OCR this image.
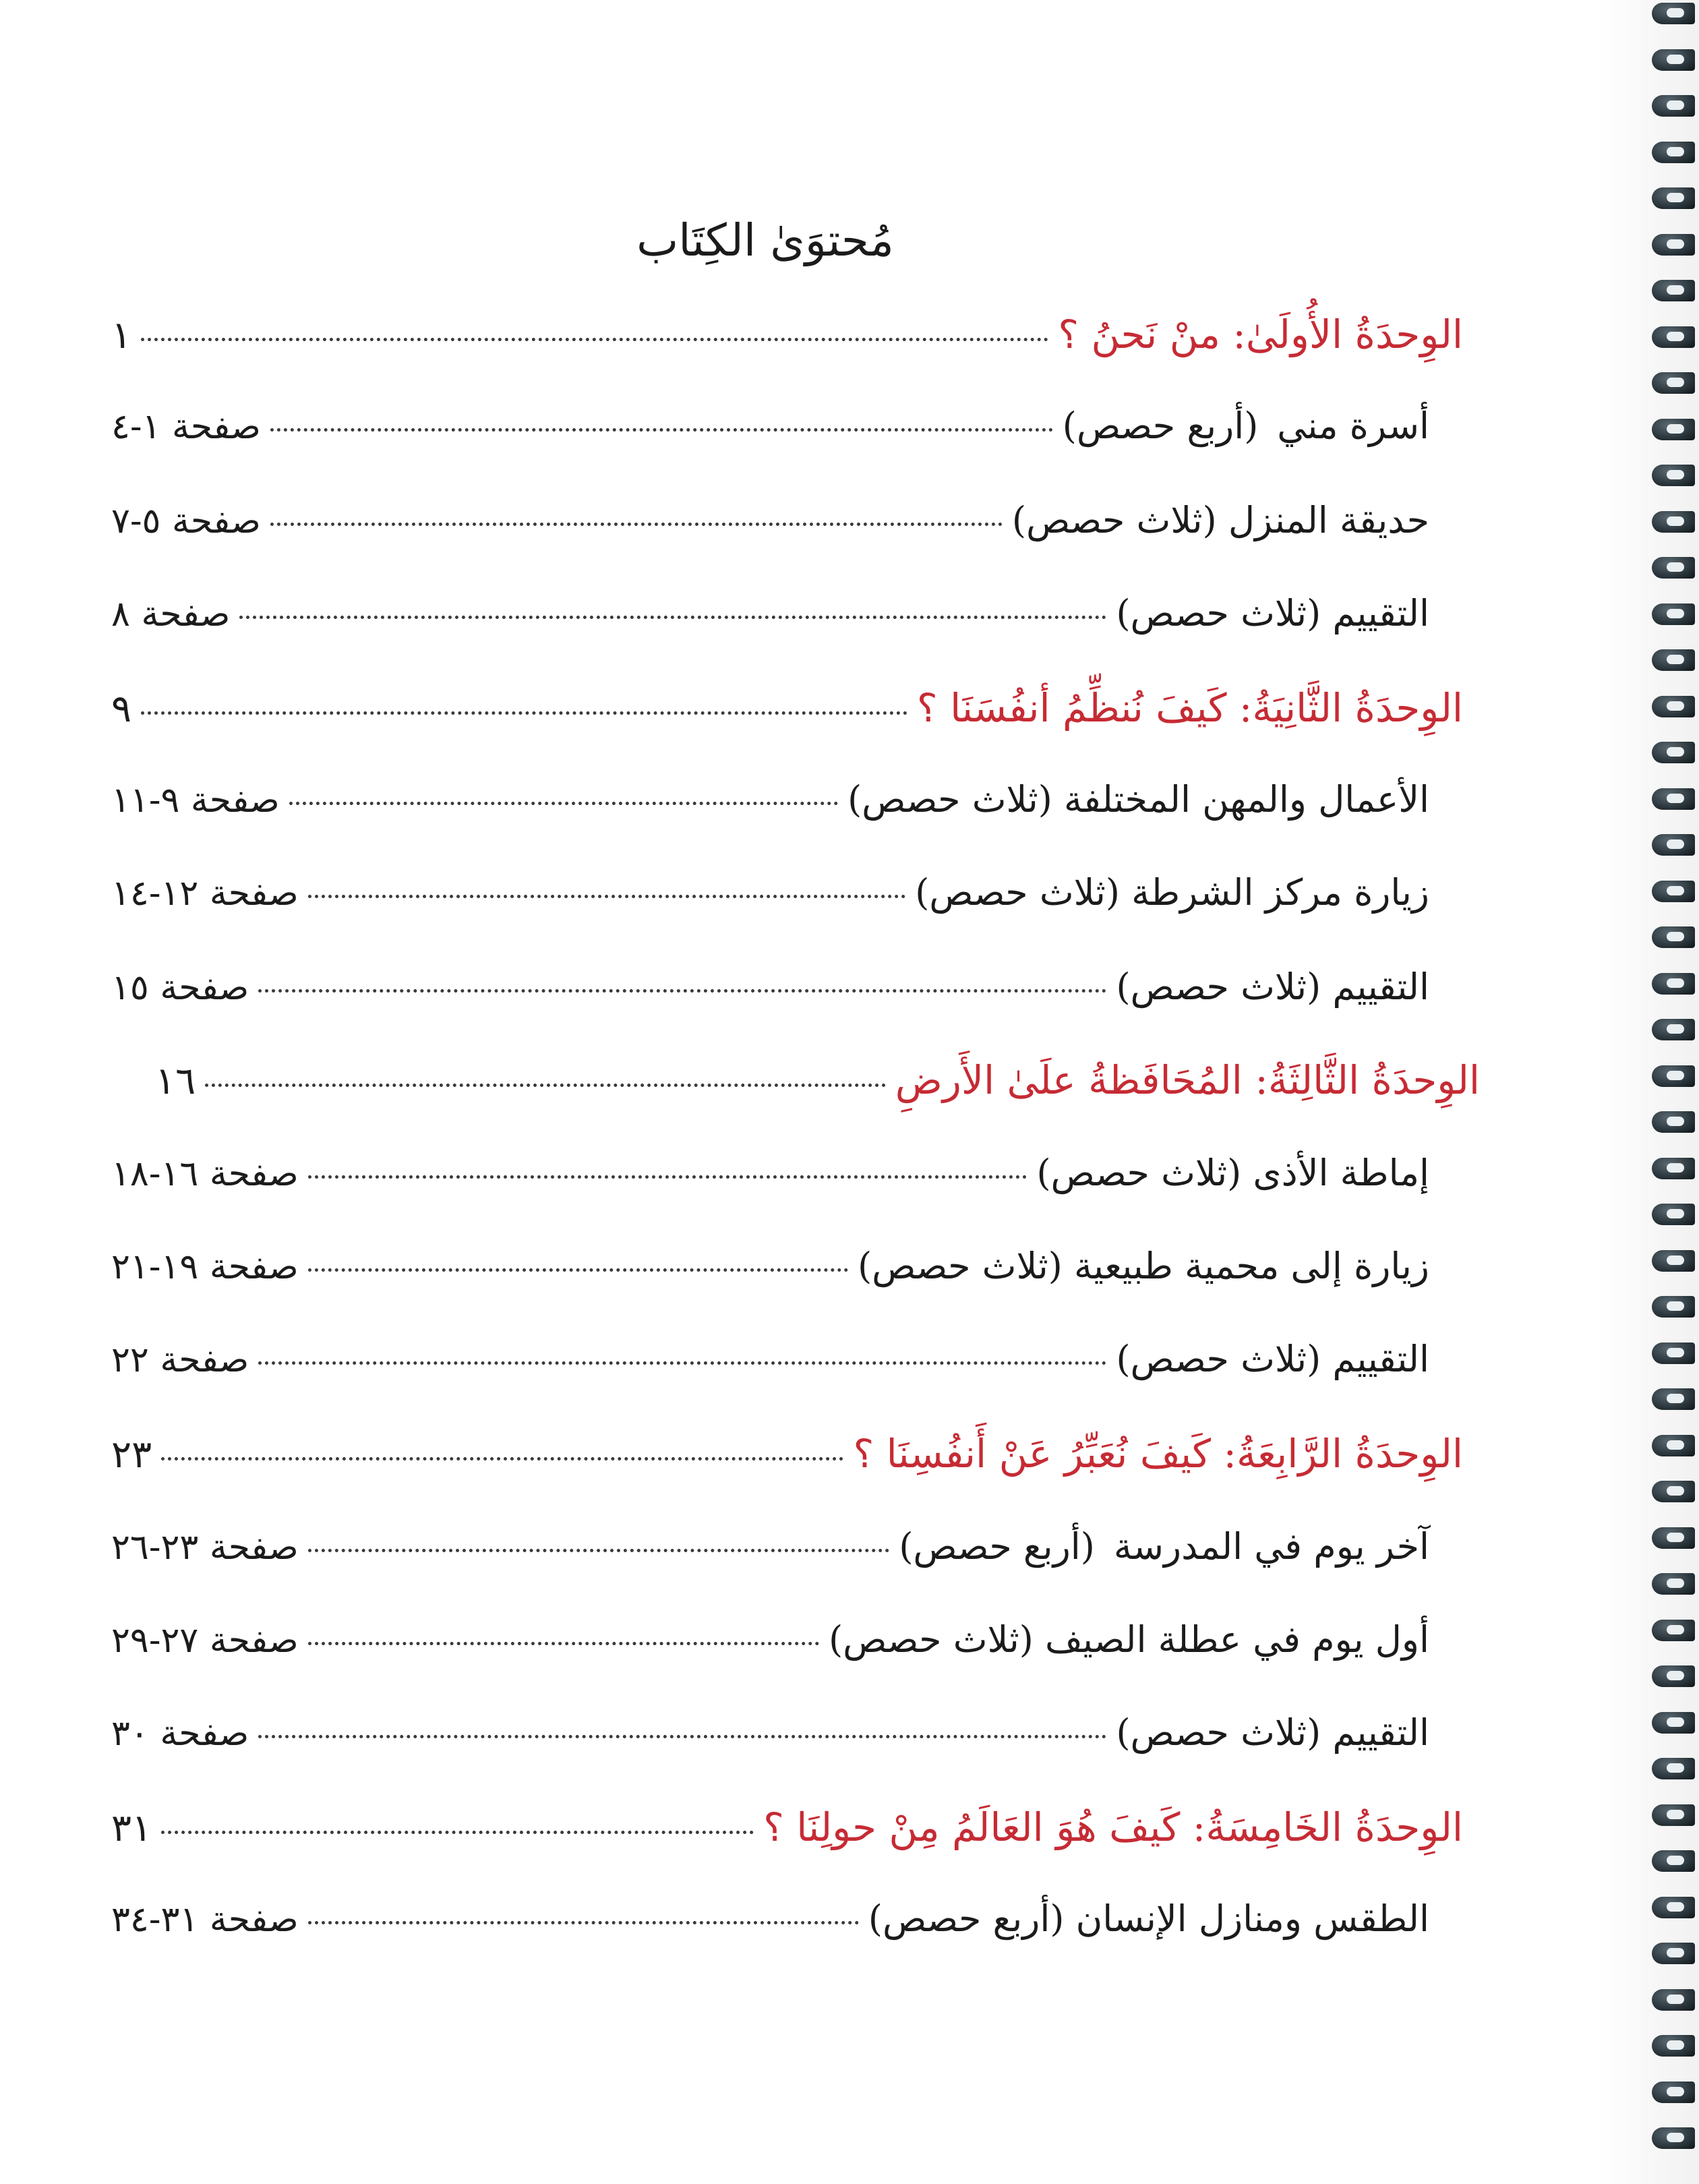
مُحتوَىٰ الكِتَاب
الوِحدَةُ الأُولَىٰ: منْ نَحنُ ؟
١
أسرة مني(أربع حصص)
صفحة ١-٤
حديقة المنزل (ثلاث حصص)
صفحة ٥-٧
التقييم (ثلاث حصص)
صفحة ٨
الوِحدَةُ الثَّانِيَةُ: كَيفَ نُنظِّمُ أنفُسَنَا ؟
٩
الأعمال والمهن المختلفة (ثلاث حصص)
صفحة ٩-١١
زيارة مركز الشرطة (ثلاث حصص)
صفحة ١٢-١٤
التقييم (ثلاث حصص)
صفحة ١٥
الوِحدَةُ الثَّالِثَةُ: المُحَافَظةُ علَىٰ الأَرضِ
١٦
إماطة الأذى (ثلاث حصص)
صفحة ١٦-١٨
زيارة إلى محمية طبيعية (ثلاث حصص)
صفحة ١٩-٢١
التقييم (ثلاث حصص)
صفحة ٢٢
الوِحدَةُ الرَّابِعَةُ: كَيفَ نُعَبِّرُ عَنْ أَنفُسِنَا ؟
٢٣
آخر يوم في المدرسة(أربع حصص)
صفحة ٢٣-٢٦
أول يوم في عطلة الصيف (ثلاث حصص)
صفحة ٢٧-٢٩
التقييم (ثلاث حصص)
صفحة ٣٠
الوِحدَةُ الخَامِسَةُ: كَيفَ هُوَ العَالَمُ مِنْ حولِنَا ؟
٣١
الطقس ومنازل الإنسان (أربع حصص)
صفحة ٣١-٣٤
